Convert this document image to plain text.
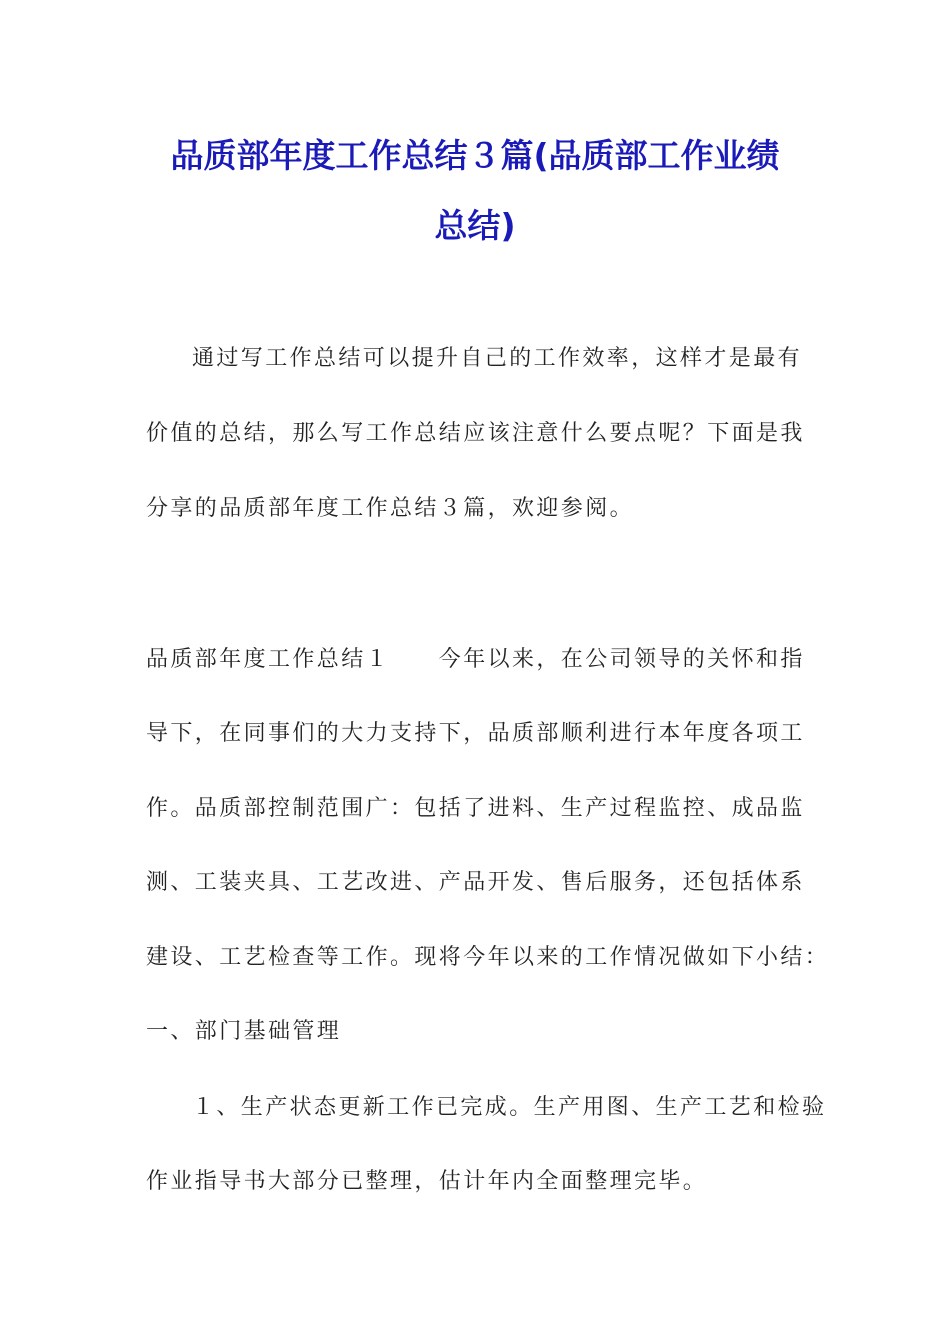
品质部年度工作总结３篇(品质部工作业绩
总结)
通过写工作总结可以提升自己的工作效率，这样才是最有
价值的总结，那么写工作总结应该注意什么要点呢？下面是我
分享的品质部年度工作总结３篇，欢迎参阅。
品质部年度工作总结１　　今年以来，在公司领导的关怀和指
导下，在同事们的大力支持下，品质部顺利进行本年度各项工
作。品质部控制范围广：包括了进料、生产过程监控、成品监
测、工装夹具、工艺改进、产品开发、售后服务，还包括体系
建设、工艺检查等工作。现将今年以来的工作情况做如下小结：
一、部门基础管理
１、生产状态更新工作已完成。生产用图、生产工艺和检验
作业指导书大部分已整理，估计年内全面整理完毕。
